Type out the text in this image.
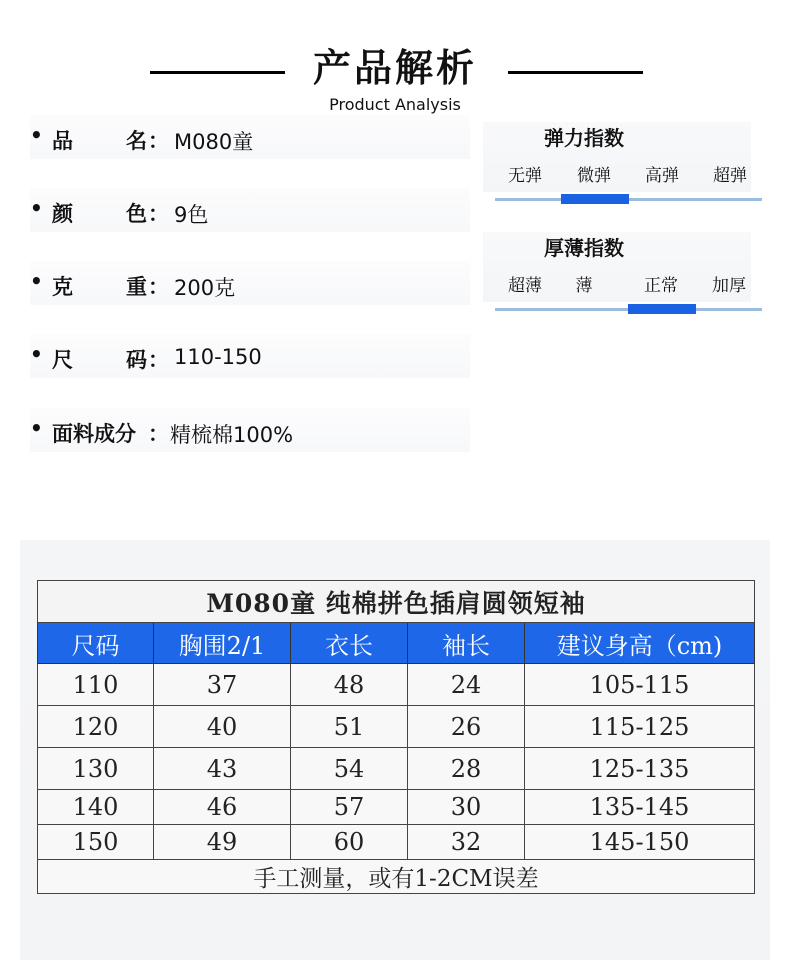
产品解析
Product Analysis
• 品	名 ： M080童
• 颜	色 ： 9色
• 克	重 ： 200克
• 尺	码 ： 110-150
• 面料成分 ： 精梳棉100%
弹力指数
无弹	微弹	高弹	超弹
厚薄指数
超薄	薄	正常	加厚
M080童 纯棉拼色插肩圆领短袖				
尺码	胸围2/1	衣长	袖长	建议身高（cm)
110	37	48	24	105-115
120	40	51	26	115-125
130	43	54	28	125-135
140	46	57	30	135-145
150	49	60	32	145-150
手工测量，或有1-2CM误差				
